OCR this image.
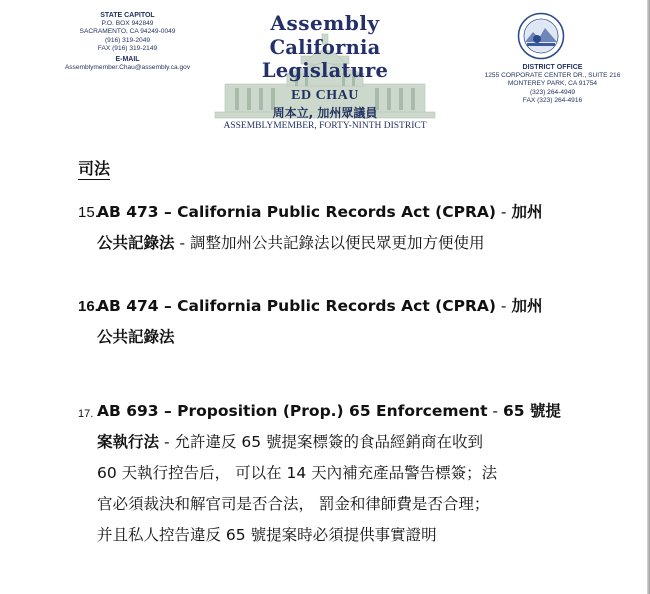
STATE CAPITOL
P.O. BOX 942849
SACRAMENTO, CA 94249-0049
(916) 319-2049
FAX (916) 319-2149
E-MAIL
Assemblymember.Chau@assembly.ca.gov
Assembly
California Legislature
ED CHAU
周本立, 加州眾議員
ASSEMBLYMEMBER, FORTY-NINTH DISTRICT
DISTRICT OFFICE
1255 CORPORATE CENTER DR., SUITE 216
MONTEREY PARK, CA 91754
(323) 264-4949
FAX (323) 264-4916
司法
15.
AB 473 – California Public Records Act (CPRA) - 加州
公共記錄法 - 調整加州公共記錄法以便民眾更加方便使用
16.
AB 474 – California Public Records Act (CPRA) - 加州
公共記錄法
17. AB 693 – Proposition (Prop.) 65 Enforcement - 65 號提
案執行法 - 允許違反 65 號提案標簽的食品經銷商在收到
60 天執行控告后， 可以在 14 天內補充產品警告標簽；法
官必須裁決和解官司是否合法， 罰金和律師費是否合理；
并且私人控告違反 65 號提案時必須提供事實證明
